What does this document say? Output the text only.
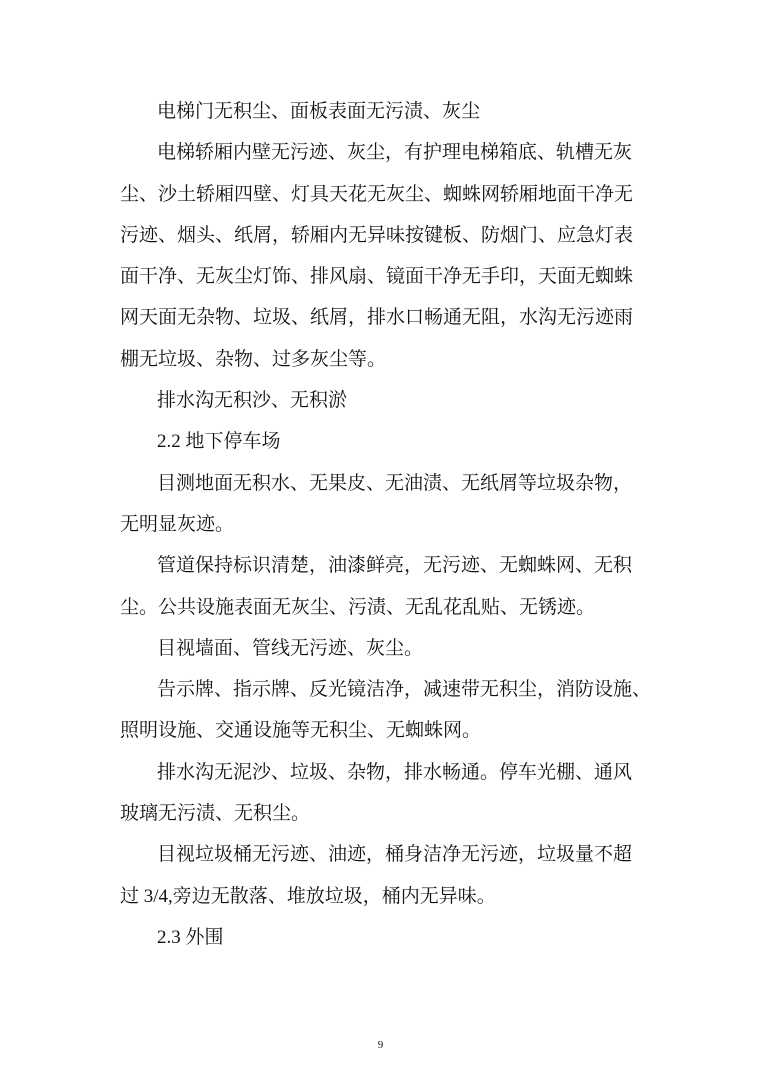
电梯门无积尘、面板表面无污渍、灰尘
电梯轿厢内壁无污迹、灰尘，有护理电梯箱底、轨槽无灰
尘、沙土轿厢四壁、灯具天花无灰尘、蜘蛛网轿厢地面干净无
污迹、烟头、纸屑，轿厢内无异味按键板、防烟门、应急灯表
面干净、无灰尘灯饰、排风扇、镜面干净无手印，天面无蜘蛛
网天面无杂物、垃圾、纸屑，排水口畅通无阻，水沟无污迹雨
棚无垃圾、杂物、过多灰尘等。
排水沟无积沙、无积淤
2.2 地下停车场
目测地面无积水、无果皮、无油渍、无纸屑等垃圾杂物，
无明显灰迹。
管道保持标识清楚，油漆鲜亮，无污迹、无蜘蛛网、无积
尘。公共设施表面无灰尘、污渍、无乱花乱贴、无锈迹。
目视墙面、管线无污迹、灰尘。
告示牌、指示牌、反光镜洁净，减速带无积尘，消防设施、
照明设施、交通设施等无积尘、无蜘蛛网。
排水沟无泥沙、垃圾、杂物，排水畅通。停车光棚、通风
玻璃无污渍、无积尘。
目视垃圾桶无污迹、油迹，桶身洁净无污迹，垃圾量不超
过 3/4,旁边无散落、堆放垃圾，桶内无异味。
2.3 外围
9
